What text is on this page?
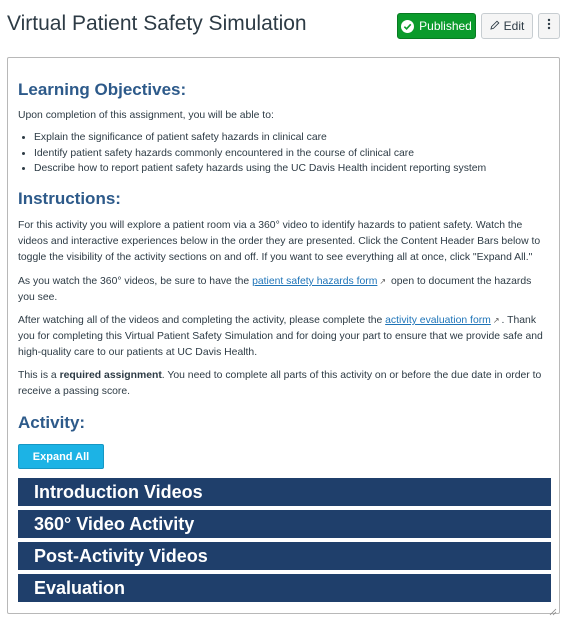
Virtual Patient Safety Simulation	Published	Edit
Learning Objectives:

Upon completion of this assignment, you will be able to:

• Explain the significance of patient safety hazards in clinical care
• Identify patient safety hazards commonly encountered in the course of clinical care
• Describe how to report patient safety hazards using the UC Davis Health incident reporting system
Instructions:

For this activity you will explore a patient room via a 360° video to identify hazards to patient safety. Watch the videos and interactive experiences below in the order they are presented. Click the Content Header Bars below to toggle the visibility of the activity sections on and off. If you want to see everything all at once, click "Expand All."

As you watch the 360° videos, be sure to have the patient safety hazards form ↗ open to document the hazards you see.

After watching all of the videos and completing the activity, please complete the activity evaluation form ↗ . Thank you for completing this Virtual Patient Safety Simulation and for doing your part to ensure that we provide safe and high-quality care to our patients at UC Davis Health.

This is a required assignment. You need to complete all parts of this activity on or before the due date in order to receive a passing score.

Activity:
Expand All
Introduction Videos
360° Video Activity
Post-Activity Videos
Evaluation
